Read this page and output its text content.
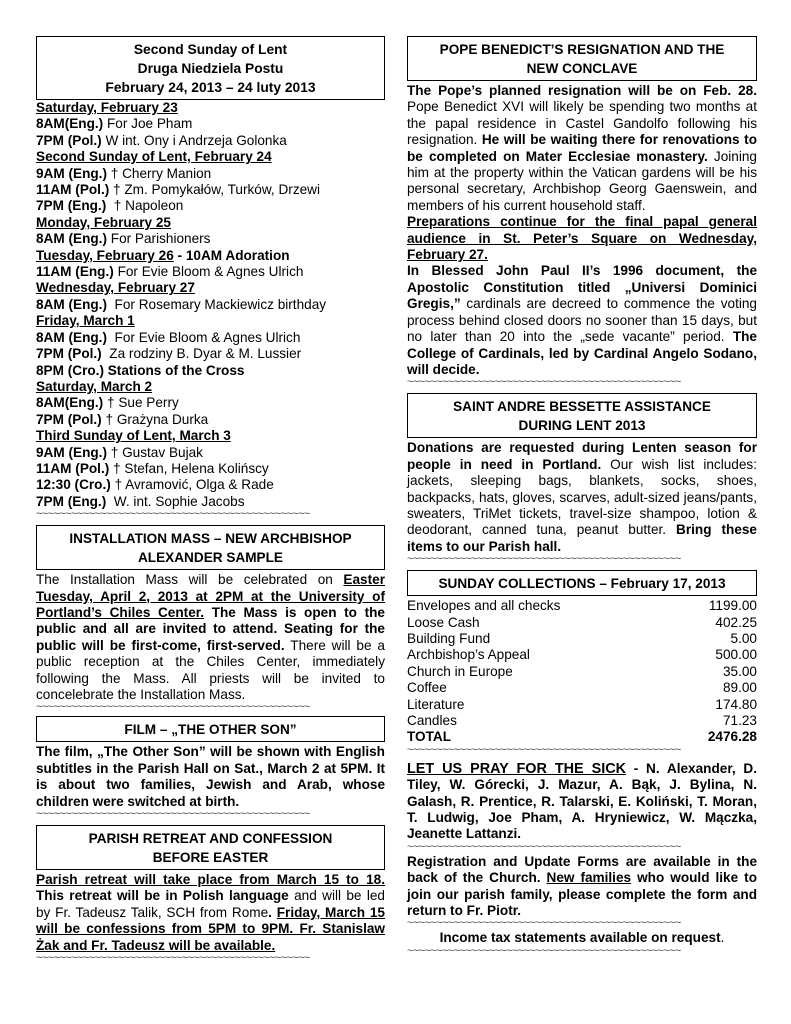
Second Sunday of Lent
Druga Niedziela Postu
February 24, 2013 – 24 luty 2013
Saturday, February 23
8AM(Eng.) For Joe Pham
7PM (Pol.) W int. Ony i Andrzeja Golonka
Second Sunday of Lent, February 24
9AM (Eng.) † Cherry Manion
11AM (Pol.) † Zm. Pomykałów, Turków, Drzewi
7PM (Eng.)  † Napoleon
Monday, February 25
8AM (Eng.) For Parishioners
Tuesday, February 26 - 10AM Adoration
11AM (Eng.) For Evie Bloom & Agnes Ulrich
Wednesday, February 27
8AM (Eng.)  For Rosemary Mackiewicz birthday
Friday, March 1
8AM (Eng.)  For Evie Bloom & Agnes Ulrich
7PM (Pol.)  Za rodziny B. Dyar & M. Lussier
8PM (Cro.) Stations of the Cross
Saturday, March 2
8AM(Eng.) † Sue Perry
7PM (Pol.) † Grażyna Durka
Third Sunday of Lent, March 3
9AM (Eng.) † Gustav Bujak
11AM (Pol.) † Stefan, Helena Kolińscy
12:30 (Cro.) † Avramović, Olga & Rade
7PM (Eng.)  W. int. Sophie Jacobs
~~~~~~~~~~~~~~~~~~~~~~~~~~~~~~~~~~~~~~~~~~~~~~~
INSTALLATION MASS – NEW ARCHBISHOP
ALEXANDER SAMPLE

The Installation Mass will be celebrated on Easter Tuesday, April 2, 2013 at 2PM at the University of Portland’s Chiles Center. The Mass is open to the public and all are invited to attend. Seating for the public will be first-come, first-served. There will be a public reception at the Chiles Center, immediately following the Mass. All priests will be invited to concelebrate the Installation Mass.

~~~~~~~~~~~~~~~~~~~~~~~~~~~~~~~~~~~~~~~~~~~~~~~
FILM – „THE OTHER SON”

The film, „The Other Son” will be shown with English subtitles in the Parish Hall on Sat., March 2 at 5PM. It is about two families, Jewish and Arab, whose children were switched at birth.

~~~~~~~~~~~~~~~~~~~~~~~~~~~~~~~~~~~~~~~~~~~~~~~
PARISH RETREAT AND CONFESSION
BEFORE EASTER

Parish retreat will take place from March 15 to 18. This retreat will be in Polish language and will be led by Fr. Tadeusz Talik, SCH from Rome. Friday, March 15 will be confessions from 5PM to 9PM. Fr. Stanislaw Żak and Fr. Tadeusz will be available.

~~~~~~~~~~~~~~~~~~~~~~~~~~~~~~~~~~~~~~~~~~~~~~~
POPE BENEDICT’S RESIGNATION AND THE
NEW CONCLAVE

The Pope’s planned resignation will be on Feb. 28. Pope Benedict XVI will likely be spending two months at the papal residence in Castel Gandolfo following his resignation. He will be waiting there for renovations to be completed on Mater Ecclesiae monastery. Joining him at the property within the Vatican gardens will be his personal secretary, Archbishop Georg Gaenswein, and members of his current household staff.

Preparations continue for the final papal general audience in St. Peter’s Square on Wednesday, February 27.

In Blessed John Paul II’s 1996 document, the Apostolic Constitution titled „Universi Dominici Gregis,” cardinals are decreed to commence the voting process behind closed doors no sooner than 15 days, but no later than 20 into the „sede vacante” period. The College of Cardinals, led by Cardinal Angelo Sodano, will decide.

~~~~~~~~~~~~~~~~~~~~~~~~~~~~~~~~~~~~~~~~~~~~~~~
SAINT ANDRE BESSETTE ASSISTANCE
DURING LENT 2013

Donations are requested during Lenten season for people in need in Portland. Our wish list includes: jackets, sleeping bags, blankets, socks, shoes, backpacks, hats, gloves, scarves, adult-sized jeans/pants, sweaters, TriMet tickets, travel-size shampoo, lotion & deodorant, canned tuna, peanut butter. Bring these items to our Parish hall.

~~~~~~~~~~~~~~~~~~~~~~~~~~~~~~~~~~~~~~~~~~~~~~~
SUNDAY COLLECTIONS – February 17, 2013
Envelopes and all checks	1199.00
Loose Cash	402.25
Building Fund	5.00
Archbishop’s Appeal	500.00
Church in Europe	35.00
Coffee	89.00
Literature	174.80
Candles	71.23
TOTAL	2476.28
~~~~~~~~~~~~~~~~~~~~~~~~~~~~~~~~~~~~~~~~~~~~~~~

LET US PRAY FOR THE SICK - N. Alexander, D. Tiley, W. Górecki, J. Mazur, A. Bąk, J. Bylina, N. Galash, R. Prentice, R. Talarski, E. Koliński, T. Moran, T. Ludwig, Joe Pham, A. Hryniewicz, W. Mączka, Jeanette Lattanzi.

~~~~~~~~~~~~~~~~~~~~~~~~~~~~~~~~~~~~~~~~~~~~~~~

Registration and Update Forms are available in the back of the Church. New families who would like to join our parish family, please complete the form and return to Fr. Piotr.

~~~~~~~~~~~~~~~~~~~~~~~~~~~~~~~~~~~~~~~~~~~~~~~

Income tax statements available on request.

~~~~~~~~~~~~~~~~~~~~~~~~~~~~~~~~~~~~~~~~~~~~~~~
